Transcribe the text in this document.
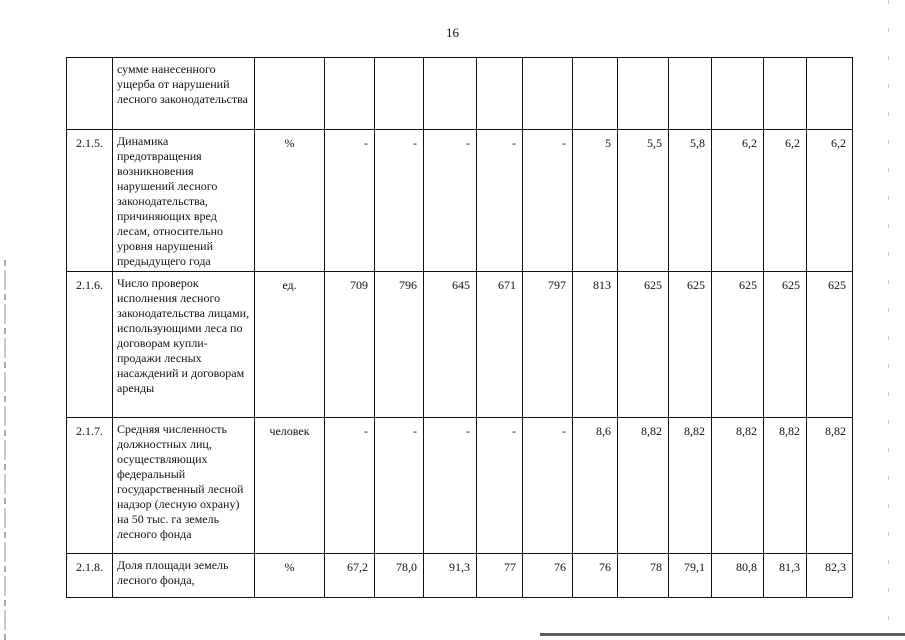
16
	сумме нанесенного ущерба от нарушений лесного законодательства												
2.1.5.	Динамика предотвращения возникновения нарушений лесного законодательства, причиняющих вред лесам, относительно уровня нарушений предыдущего года	%	-	-	-	-	-	5	5,5	5,8	6,2	6,2	6,2
2.1.6.	Число проверок исполнения лесного законодательства лицами, использующими леса по договорам купли-продажи лесных насаждений и договорам аренды	ед.	709	796	645	671	797	813	625	625	625	625	625
2.1.7.	Средняя численность должностных лиц, осуществляющих федеральный государственный лесной надзор (лесную охрану) на 50 тыс. га земель лесного фонда	человек	-	-	-	-	-	8,6	8,82	8,82	8,82	8,82	8,82
2.1.8.	Доля площади земель лесного фонда,	%	67,2	78,0	91,3	77	76	76	78	79,1	80,8	81,3	82,3
